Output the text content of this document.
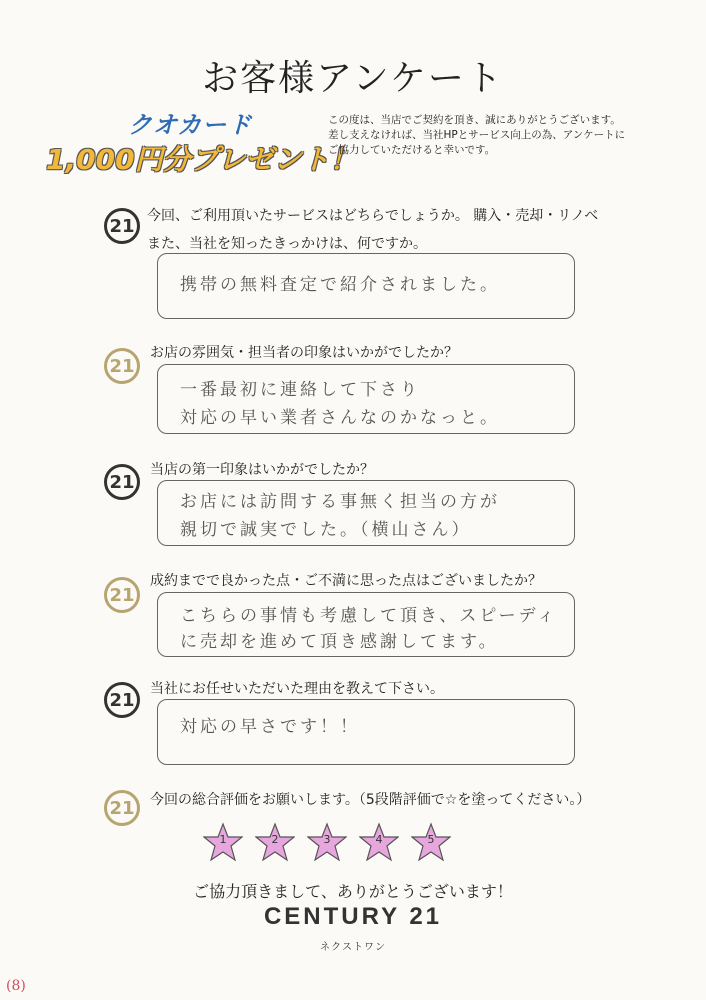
お客様アンケート
クオカード
1,000円分プレゼント！
この度は、当店でご契約を頂き、誠にありがとうございます。
差し支えなければ、当社HPとサービス向上の為、アンケートに
ご協力していただけると幸いです。
21 今回、ご利用頂いたサービスはどちらでしょうか。 購入・売却・リノベ
また、当社を知ったきっかけは、何ですか。
携帯の無料査定で紹介されました。
21
お店の雰囲気・担当者の印象はいかがでしたか？
一番最初に連絡して下さり
対応の早い業者さんなのかなっと。
21
当店の第一印象はいかがでしたか？
お店には訪問する事無く担当の方が
親切で誠実でした。（横山さん）
21
成約までで良かった点・ご不満に思った点はございましたか？
こちらの事情も考慮して頂き、スピーディ
に売却を進めて頂き感謝してます。
21
当社にお任せいただいた理由を教えて下さい。
対応の早さです！！
21	今回の総合評価をお願いします。（5段階評価で☆を塗ってください。）
1	2	3	4	5
ご協力頂きまして、ありがとうございます！
CENTURY 21
ネクストワン
(8)
